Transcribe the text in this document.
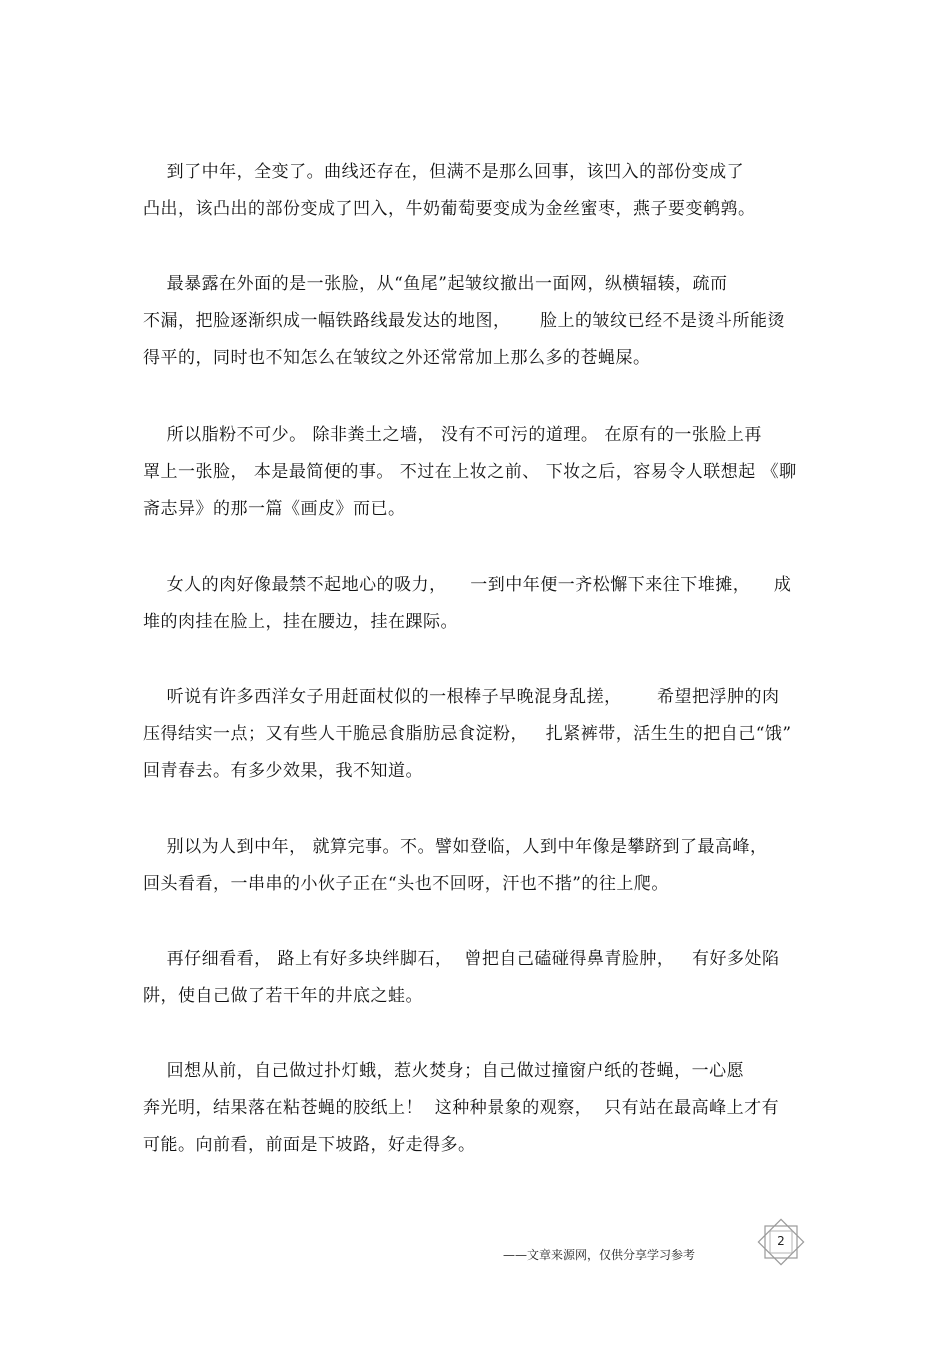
到了中年，全变了。曲线还存在，但满不是那么回事，该凹入的部份变成了
凸出，该凸出的部份变成了凹入，牛奶葡萄要变成为金丝蜜枣，燕子要变鹌鹑。
最暴露在外面的是一张脸，从“鱼尾”起皱纹撤出一面网，纵横辐辏，疏而
不漏，把脸逐渐织成一幅铁路线最发达的地图，     脸上的皱纹已经不是烫斗所能烫
得平的，同时也不知怎么在皱纹之外还常常加上那么多的苍蝇屎。
所以脂粉不可少。 除非粪土之墙， 没有不可污的道理。 在原有的一张脸上再
罩上一张脸， 本是最简便的事。 不过在上妆之前、 下妆之后，容易令人联想起 《聊
斋志异》的那一篇《画皮》而已。
女人的肉好像最禁不起地心的吸力，    一到中年便一齐松懈下来往下堆摊，    成
堆的肉挂在脸上，挂在腰边，挂在踝际。
听说有许多西洋女子用赶面杖似的一根棒子早晚混身乱搓，      希望把浮肿的肉
压得结实一点；又有些人干脆忌食脂肪忌食淀粉，   扎紧裤带，活生生的把自己“饿”
回青春去。有多少效果，我不知道。
别以为人到中年， 就算完事。不。譬如登临，人到中年像是攀跻到了最高峰，
回头看看，一串串的小伙子正在“头也不回呀，汗也不揩”的往上爬。
再仔细看看， 路上有好多块绊脚石，  曾把自己磕碰得鼻青脸肿，   有好多处陷
阱，使自己做了若干年的井底之蛙。
回想从前，自己做过扑灯蛾，惹火焚身；自己做过撞窗户纸的苍蝇，一心愿
奔光明，结果落在粘苍蝇的胶纸上！  这种种景象的观察，  只有站在最高峰上才有
可能。向前看，前面是下坡路，好走得多。
——文章来源网，仅供分享学习参考
2
